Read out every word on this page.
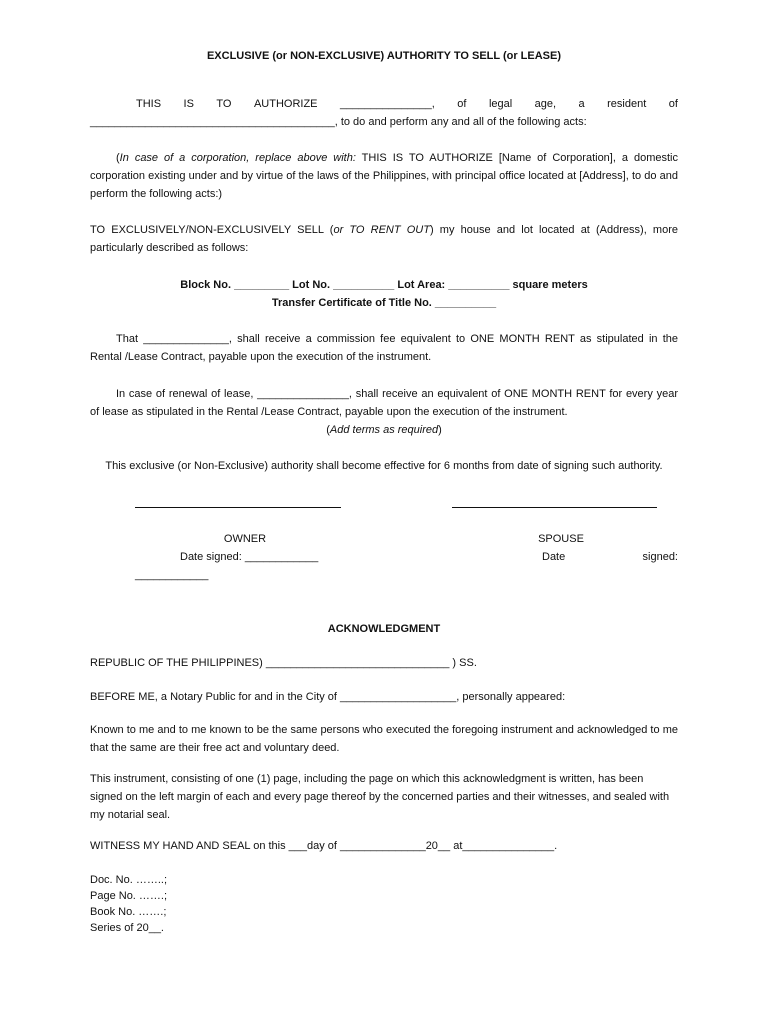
EXCLUSIVE (or NON-EXCLUSIVE) AUTHORITY TO SELL (or LEASE)

THIS IS TO AUTHORIZE _______________, of legal age, a resident of
________________________________________, to do and perform any and all of the following acts:

(In case of a corporation, replace above with: THIS IS TO AUTHORIZE [Name of Corporation], a domestic corporation existing under and by virtue of the laws of the Philippines, with principal office located at [Address], to do and perform the following acts:)

TO EXCLUSIVELY/NON-EXCLUSIVELY SELL (or TO RENT OUT) my house and lot located at (Address), more particularly described as follows:

Block No. _________ Lot No. __________ Lot Area: __________ square meters

Transfer Certificate of Title No. __________

That ______________, shall receive a commission fee equivalent to ONE MONTH RENT as stipulated in the Rental /Lease Contract, payable upon the execution of the instrument.

In case of renewal of lease, _______________, shall receive an equivalent of ONE MONTH RENT for every year of lease as stipulated in the Rental /Lease Contract, payable upon the execution of the instrument.

(Add terms as required)

This exclusive (or Non-Exclusive) authority shall become effective for 6 months from date of signing such authority.

OWNER

Date signed: ____________

SPOUSE

Date	signed:

____________

ACKNOWLEDGMENT

REPUBLIC OF THE PHILIPPINES) ______________________________ ) SS.

BEFORE ME, a Notary Public for and in the City of ___________________, personally appeared:

Known to me and to me known to be the same persons who executed the foregoing instrument and acknowledged to me that the same are their free act and voluntary deed.

This instrument, consisting of one (1) page, including the page on which this acknowledgment is written, has been signed on the left margin of each and every page thereof by the concerned parties and their witnesses, and sealed with my notarial seal.

WITNESS MY HAND AND SEAL on this ___day of ______________20__ at_______________.

Doc. No. ……..;

Page No. …….;

Book No. …….;

Series of 20__.
